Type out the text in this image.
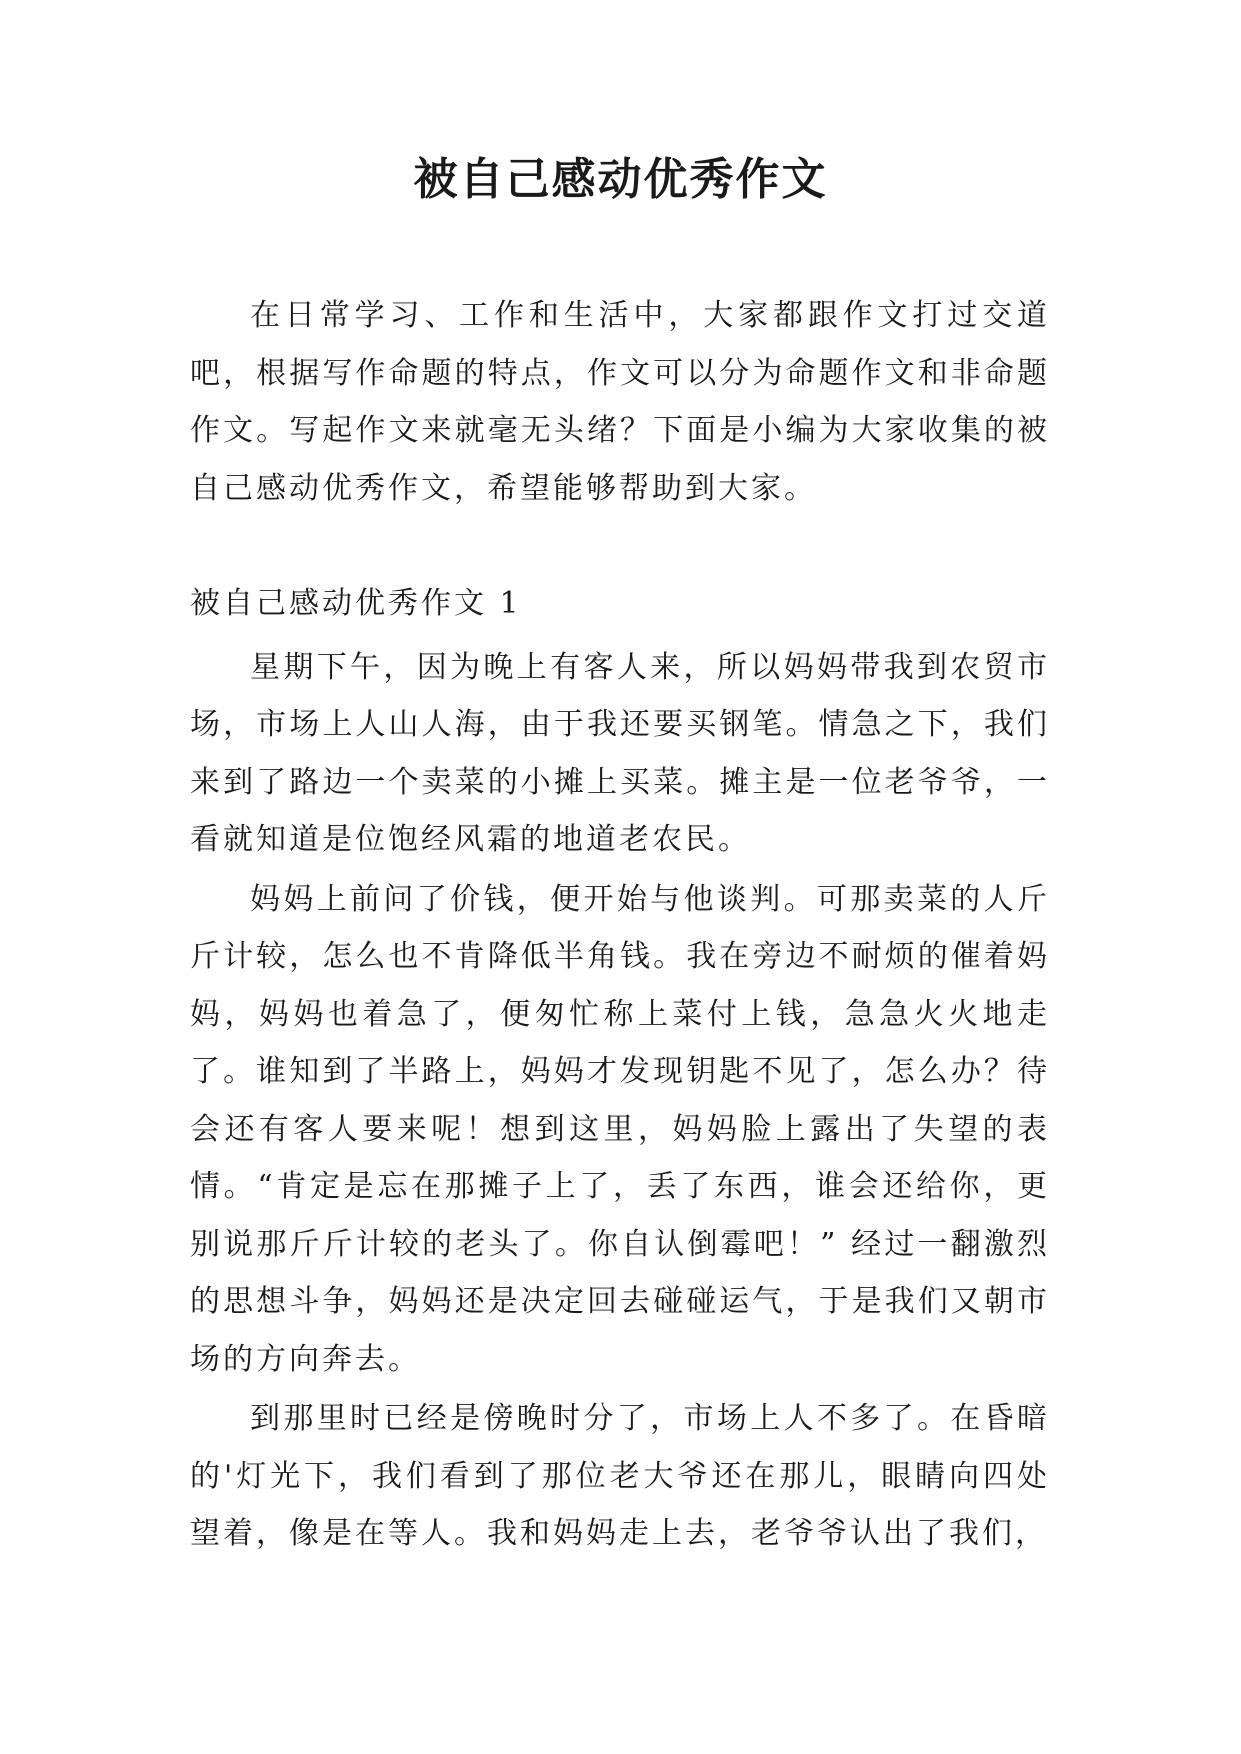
被自己感动优秀作文

在日常学习、工作和生活中，大家都跟作文打过交道吧，根据写作命题的特点，作文可以分为命题作文和非命题作文。写起作文来就毫无头绪？下面是小编为大家收集的被自己感动优秀作文，希望能够帮助到大家。

被自己感动优秀作文 1

星期下午，因为晚上有客人来，所以妈妈带我到农贸市场，市场上人山人海，由于我还要买钢笔。情急之下，我们来到了路边一个卖菜的小摊上买菜。摊主是一位老爷爷，一看就知道是位饱经风霜的地道老农民。

妈妈上前问了价钱，便开始与他谈判。可那卖菜的人斤斤计较，怎么也不肯降低半角钱。我在旁边不耐烦的催着妈妈，妈妈也着急了，便匆忙称上菜付上钱，急急火火地走了。谁知到了半路上，妈妈才发现钥匙不见了，怎么办？待会还有客人要来呢！想到这里，妈妈脸上露出了失望的表情。“肯定是忘在那摊子上了，丢了东西，谁会还给你，更别说那斤斤计较的老头了。你自认倒霉吧！” 经过一翻激烈的思想斗争，妈妈还是决定回去碰碰运气，于是我们又朝市场的方向奔去。

到那里时已经是傍晚时分了，市场上人不多了。在昏暗的'灯光下，我们看到了那位老大爷还在那儿，眼睛向四处望着，像是在等人。我和妈妈走上去，老爷爷认出了我们，
